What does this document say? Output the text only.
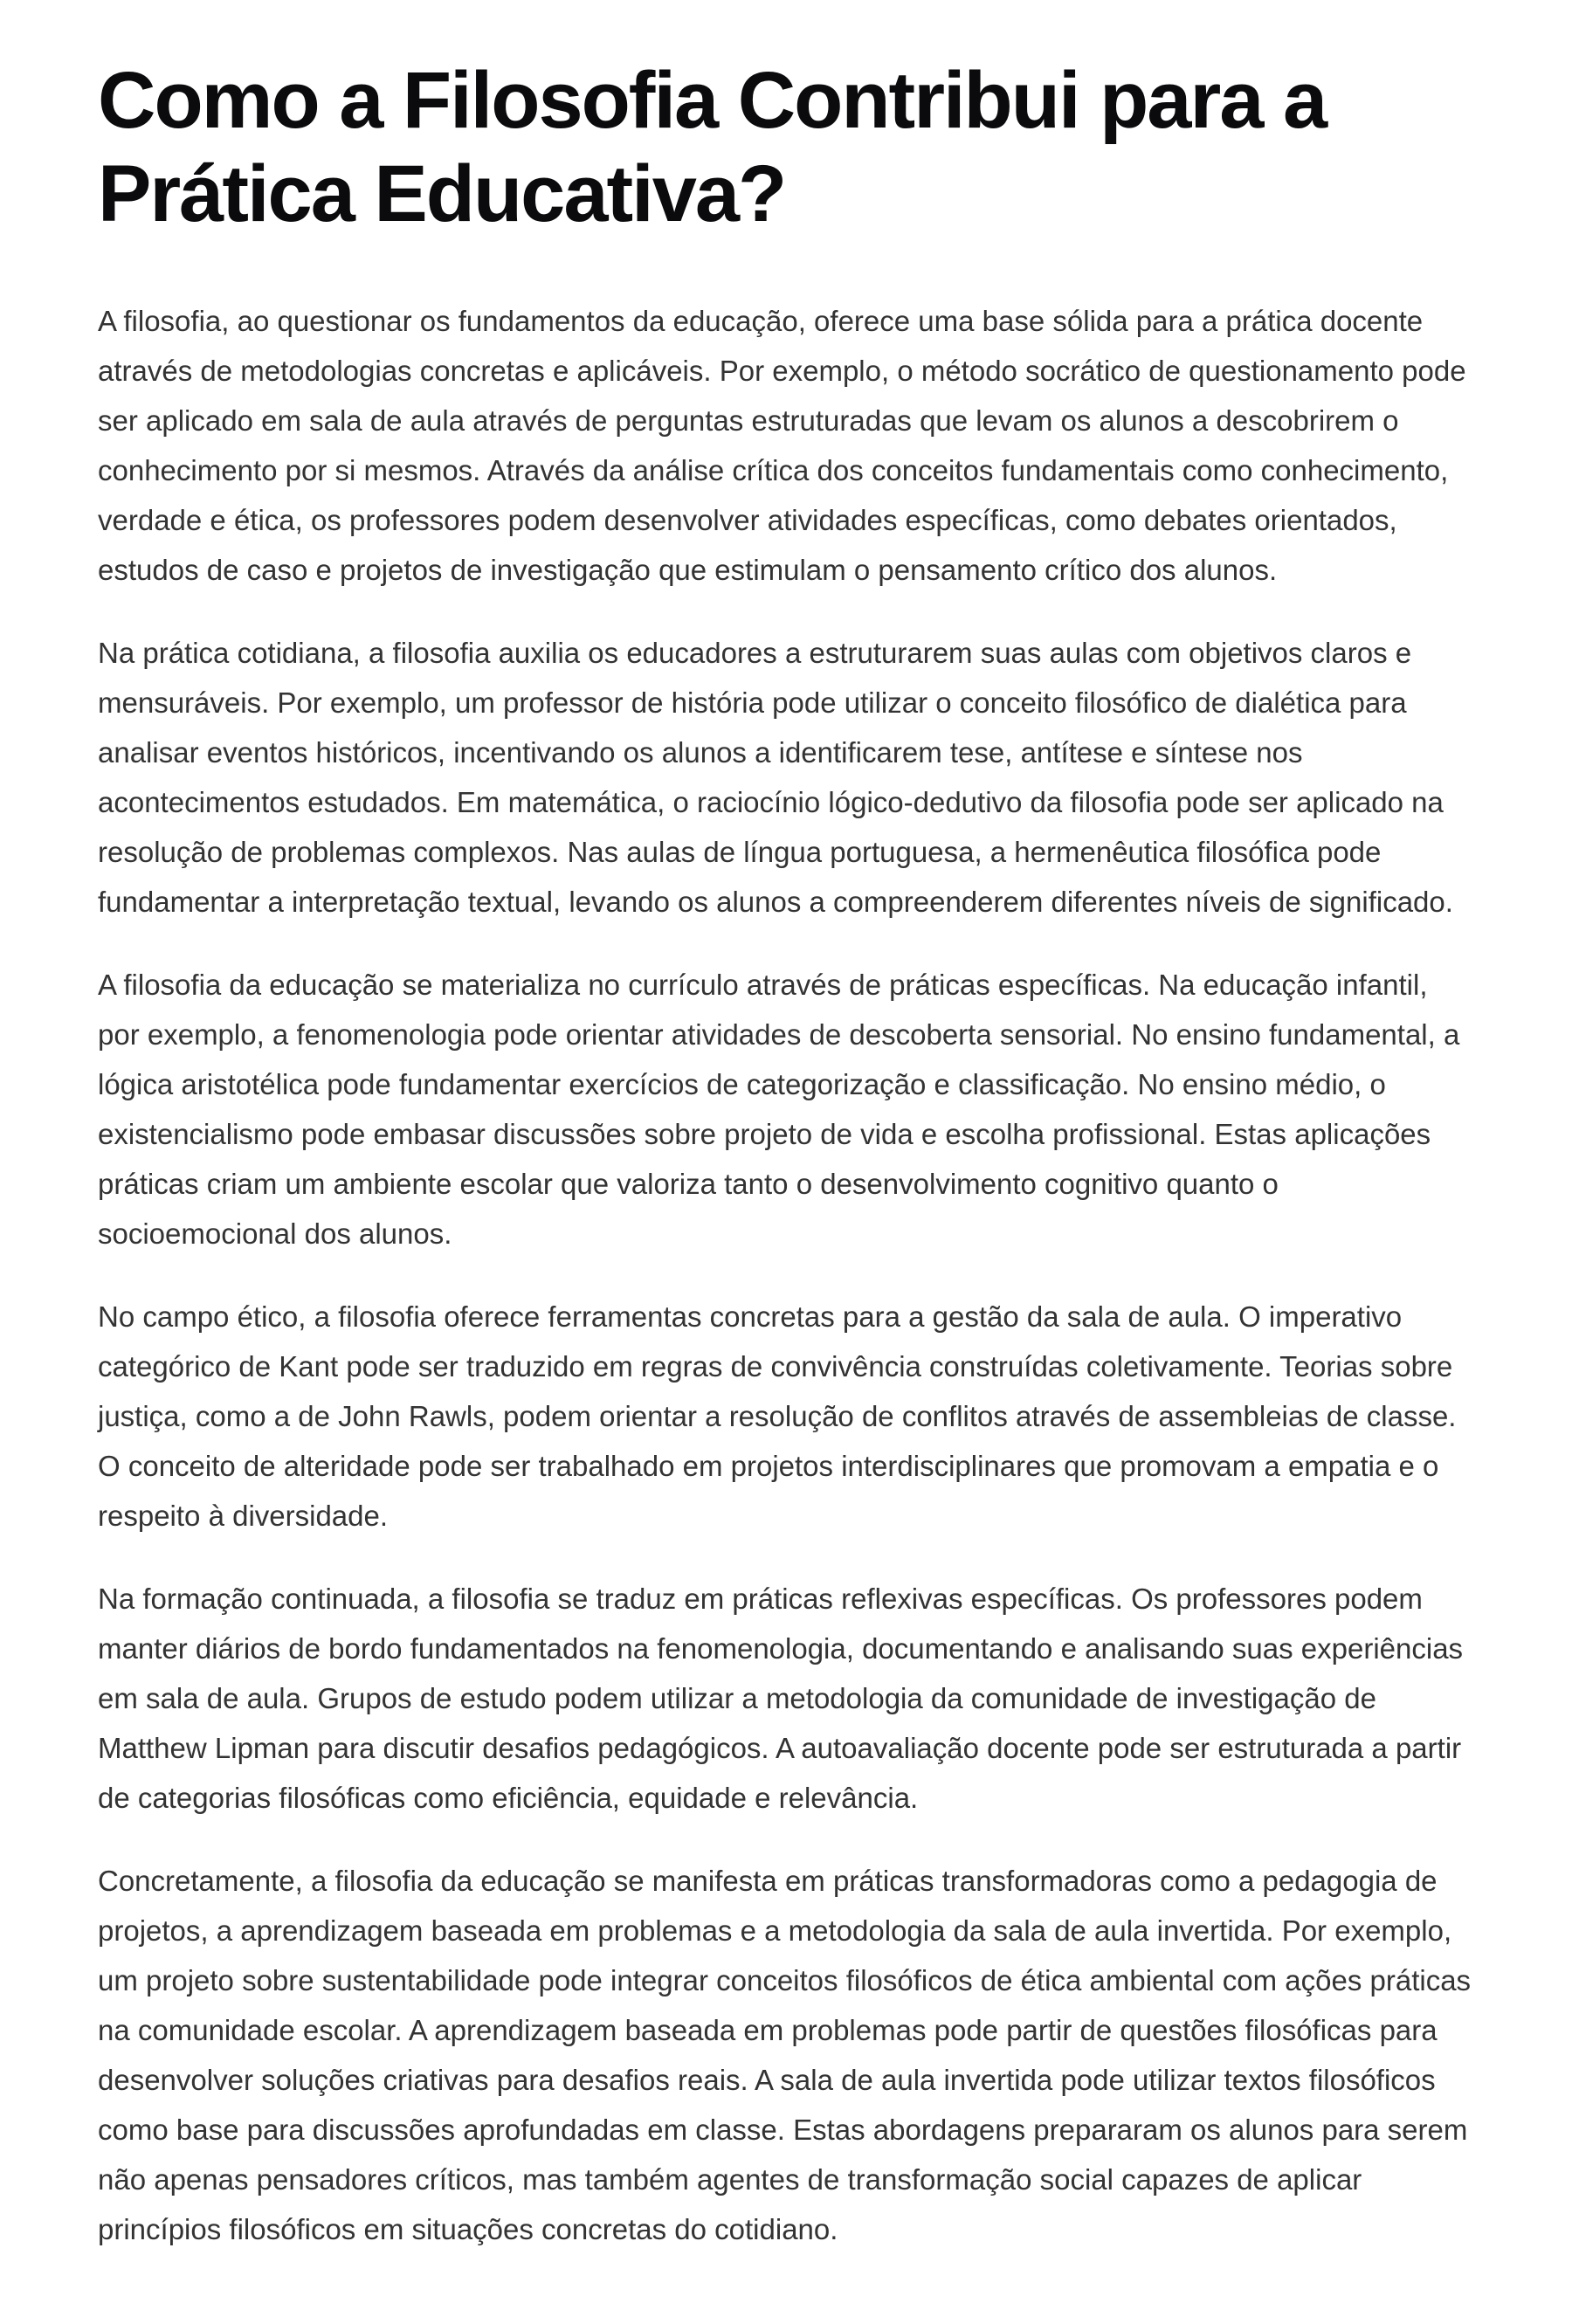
Como a Filosofia Contribui para a Prática Educativa?

A filosofia, ao questionar os fundamentos da educação, oferece uma base sólida para a prática docente através de metodologias concretas e aplicáveis. Por exemplo, o método socrático de questionamento pode ser aplicado em sala de aula através de perguntas estruturadas que levam os alunos a descobrirem o conhecimento por si mesmos. Através da análise crítica dos conceitos fundamentais como conhecimento, verdade e ética, os professores podem desenvolver atividades específicas, como debates orientados, estudos de caso e projetos de investigação que estimulam o pensamento crítico dos alunos.

Na prática cotidiana, a filosofia auxilia os educadores a estruturarem suas aulas com objetivos claros e mensuráveis. Por exemplo, um professor de história pode utilizar o conceito filosófico de dialética para analisar eventos históricos, incentivando os alunos a identificarem tese, antítese e síntese nos acontecimentos estudados. Em matemática, o raciocínio lógico-dedutivo da filosofia pode ser aplicado na resolução de problemas complexos. Nas aulas de língua portuguesa, a hermenêutica filosófica pode fundamentar a interpretação textual, levando os alunos a compreenderem diferentes níveis de significado.

A filosofia da educação se materializa no currículo através de práticas específicas. Na educação infantil, por exemplo, a fenomenologia pode orientar atividades de descoberta sensorial. No ensino fundamental, a lógica aristotélica pode fundamentar exercícios de categorização e classificação. No ensino médio, o existencialismo pode embasar discussões sobre projeto de vida e escolha profissional. Estas aplicações práticas criam um ambiente escolar que valoriza tanto o desenvolvimento cognitivo quanto o socioemocional dos alunos.

No campo ético, a filosofia oferece ferramentas concretas para a gestão da sala de aula. O imperativo categórico de Kant pode ser traduzido em regras de convivência construídas coletivamente. Teorias sobre justiça, como a de John Rawls, podem orientar a resolução de conflitos através de assembleias de classe. O conceito de alteridade pode ser trabalhado em projetos interdisciplinares que promovam a empatia e o respeito à diversidade.

Na formação continuada, a filosofia se traduz em práticas reflexivas específicas. Os professores podem manter diários de bordo fundamentados na fenomenologia, documentando e analisando suas experiências em sala de aula. Grupos de estudo podem utilizar a metodologia da comunidade de investigação de Matthew Lipman para discutir desafios pedagógicos. A autoavaliação docente pode ser estruturada a partir de categorias filosóficas como eficiência, equidade e relevância.

Concretamente, a filosofia da educação se manifesta em práticas transformadoras como a pedagogia de projetos, a aprendizagem baseada em problemas e a metodologia da sala de aula invertida. Por exemplo, um projeto sobre sustentabilidade pode integrar conceitos filosóficos de ética ambiental com ações práticas na comunidade escolar. A aprendizagem baseada em problemas pode partir de questões filosóficas para desenvolver soluções criativas para desafios reais. A sala de aula invertida pode utilizar textos filosóficos como base para discussões aprofundadas em classe. Estas abordagens prepararam os alunos para serem não apenas pensadores críticos, mas também agentes de transformação social capazes de aplicar princípios filosóficos em situações concretas do cotidiano.
